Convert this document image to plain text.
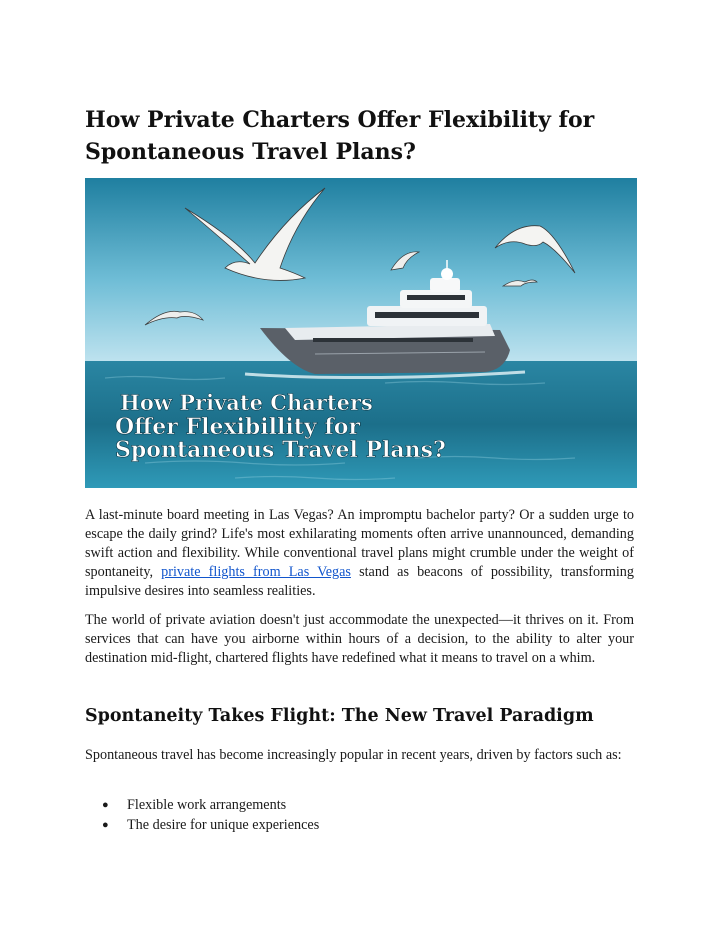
How Private Charters Offer Flexibility for Spontaneous Travel Plans?
How Private Charters
Offer Flexibillity for
Spontaneous Travel Plans?

A last-minute board meeting in Las Vegas? An impromptu bachelor party? Or a sudden urge to escape the daily grind? Life's most exhilarating moments often arrive unannounced, demanding swift action and flexibility. While conventional travel plans might crumble under the weight of spontaneity, private flights from Las Vegas stand as beacons of possibility, transforming impulsive desires into seamless realities.

The world of private aviation doesn't just accommodate the unexpected—it thrives on it. From services that can have you airborne within hours of a decision, to the ability to alter your destination mid-flight, chartered flights have redefined what it means to travel on a whim.

Spontaneity Takes Flight: The New Travel Paradigm

Spontaneous travel has become increasingly popular in recent years, driven by factors such as:

● Flexible work arrangements
● The desire for unique experiences
